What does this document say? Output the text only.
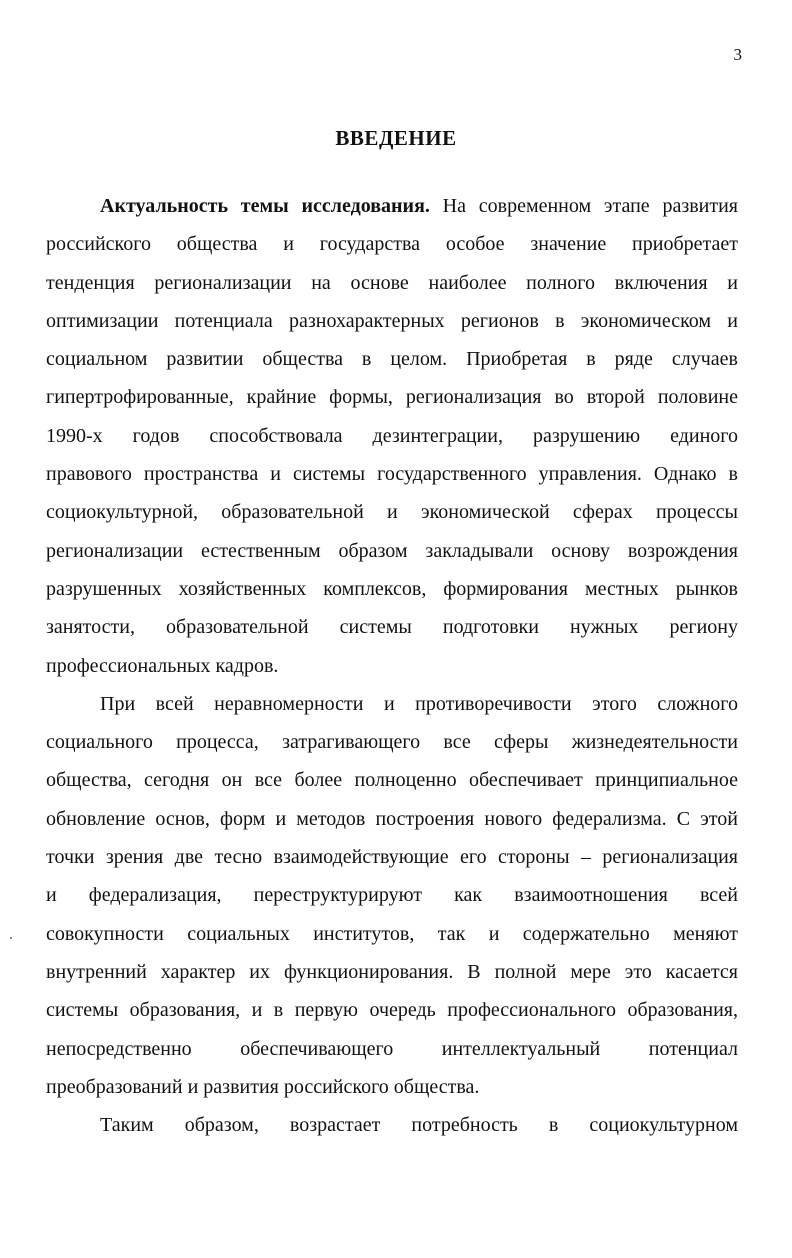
3
ВВЕДЕНИЕ
Актуальность темы исследования. На современном этапе развития
российского общества и государства особое значение приобретает
тенденция регионализации на основе наиболее полного включения и
оптимизации потенциала разнохарактерных регионов в экономическом и
социальном развитии общества в целом. Приобретая в ряде случаев
гипертрофированные, крайние формы, регионализация во второй половине
1990-х годов способствовала дезинтеграции, разрушению единого
правового пространства и системы государственного управления. Однако в
социокультурной, образовательной и экономической сферах процессы
регионализации естественным образом закладывали основу возрождения
разрушенных хозяйственных комплексов, формирования местных рынков
занятости, образовательной системы подготовки нужных региону
профессиональных кадров.
При всей неравномерности и противоречивости этого сложного
социального процесса, затрагивающего все сферы жизнедеятельности
общества, сегодня он все более полноценно обеспечивает принципиальное
обновление основ, форм и методов построения нового федерализма. С этой
точки зрения две тесно взаимодействующие его стороны – регионализация
и федерализация, переструктурируют как взаимоотношения всей
совокупности социальных институтов, так и содержательно меняют
внутренний характер их функционирования. В полной мере это касается
системы образования, и в первую очередь профессионального образования,
непосредственно обеспечивающего интеллектуальный потенциал
преобразований и развития российского общества.
Таким образом, возрастает потребность в социокультурном
